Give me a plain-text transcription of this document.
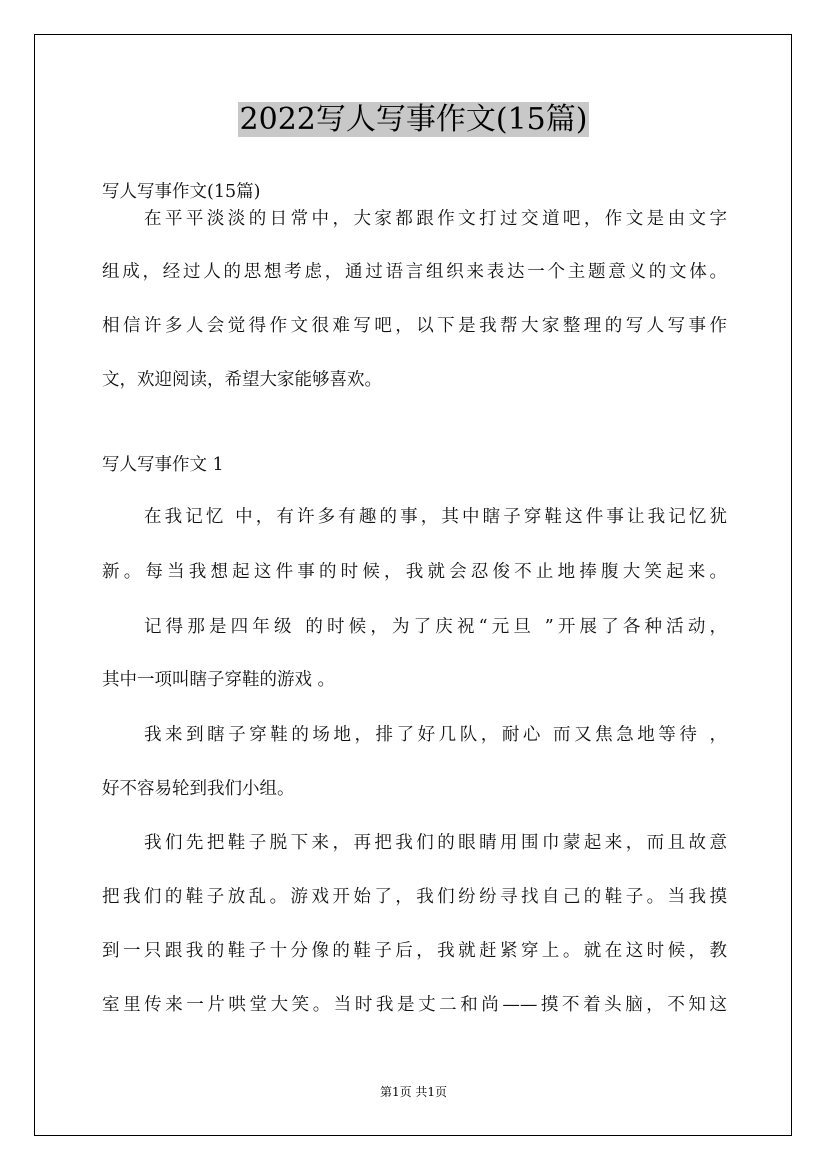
2022写人写事作文(15篇)
写人写事作文(15篇)
在平平淡淡的日常中，大家都跟作文打过交道吧，作文是由文字
组成，经过人的思想考虑，通过语言组织来表达一个主题意义的文体。
相信许多人会觉得作文很难写吧，以下是我帮大家整理的写人写事作
文，欢迎阅读，希望大家能够喜欢。
写人写事作文 1
在我记忆 中，有许多有趣的事，其中瞎子穿鞋这件事让我记忆犹
新。每当我想起这件事的时候，我就会忍俊不止地捧腹大笑起来。
记得那是四年级 的时候，为了庆祝“元旦 ”开展了各种活动，
其中一项叫瞎子穿鞋的游戏 。
我来到瞎子穿鞋的场地，排了好几队，耐心 而又焦急地等待 ，
好不容易轮到我们小组。
我们先把鞋子脱下来，再把我们的眼睛用围巾蒙起来，而且故意
把我们的鞋子放乱。游戏开始了，我们纷纷寻找自己的鞋子。当我摸
到一只跟我的鞋子十分像的鞋子后，我就赶紧穿上。就在这时候，教
室里传来一片哄堂大笑。当时我是丈二和尚——摸不着头脑，不知这
第1页 共1页
